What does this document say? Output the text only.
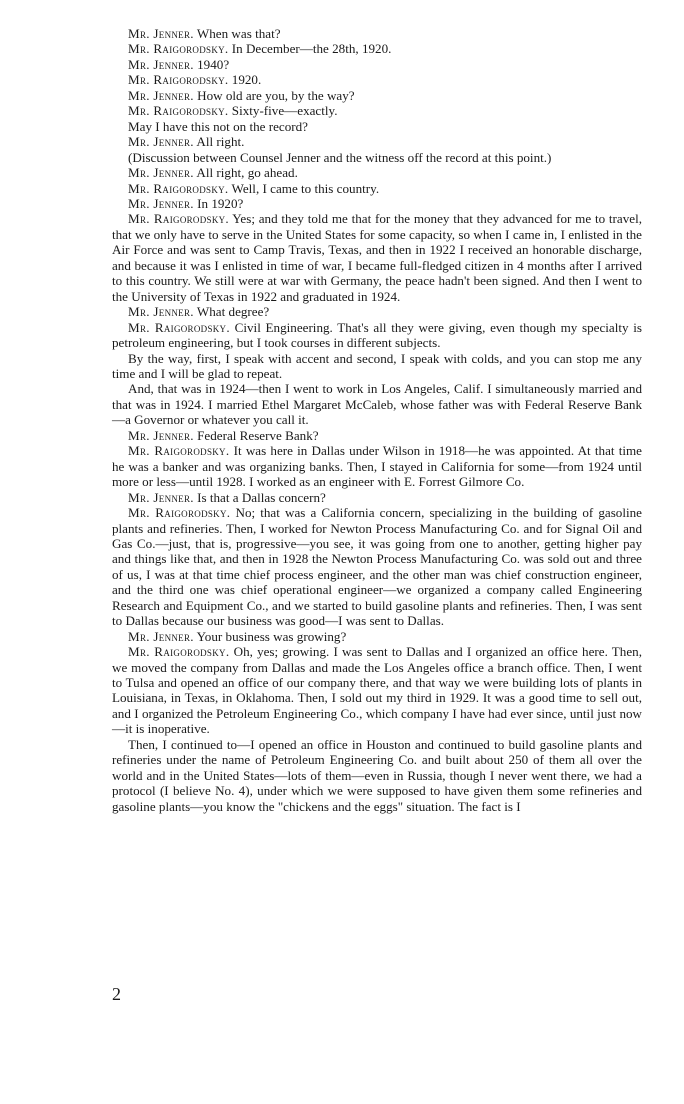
Mr. Jenner. When was that?

Mr. Raigorodsky. In December—the 28th, 1920.

Mr. Jenner. 1940?

Mr. Raigorodsky. 1920.

Mr. Jenner. How old are you, by the way?

Mr. Raigorodsky. Sixty-five—exactly.

May I have this not on the record?

Mr. Jenner. All right.

(Discussion between Counsel Jenner and the witness off the record at this point.)

Mr. Jenner. All right, go ahead.

Mr. Raigorodsky. Well, I came to this country.

Mr. Jenner. In 1920?

Mr. Raigorodsky. Yes; and they told me that for the money that they advanced for me to travel, that we only have to serve in the United States for some capacity, so when I came in, I enlisted in the Air Force and was sent to Camp Travis, Texas, and then in 1922 I received an honorable discharge, and because it was I enlisted in time of war, I became full-fledged citizen in 4 months after I arrived to this country. We still were at war with Germany, the peace hadn't been signed. And then I went to the University of Texas in 1922 and graduated in 1924.

Mr. Jenner. What degree?

Mr. Raigorodsky. Civil Engineering. That's all they were giving, even though my specialty is petroleum engineering, but I took courses in different subjects.

By the way, first, I speak with accent and second, I speak with colds, and you can stop me any time and I will be glad to repeat.

And, that was in 1924—then I went to work in Los Angeles, Calif. I simultaneously married and that was in 1924. I married Ethel Margaret McCaleb, whose father was with Federal Reserve Bank—a Governor or whatever you call it.

Mr. Jenner. Federal Reserve Bank?

Mr. Raigorodsky. It was here in Dallas under Wilson in 1918—he was appointed. At that time he was a banker and was organizing banks. Then, I stayed in California for some—from 1924 until more or less—until 1928. I worked as an engineer with E. Forrest Gilmore Co.

Mr. Jenner. Is that a Dallas concern?

Mr. Raigorodsky. No; that was a California concern, specializing in the building of gasoline plants and refineries. Then, I worked for Newton Process Manufacturing Co. and for Signal Oil and Gas Co.—just, that is, progressive—you see, it was going from one to another, getting higher pay and things like that, and then in 1928 the Newton Process Manufacturing Co. was sold out and three of us, I was at that time chief process engineer, and the other man was chief construction engineer, and the third one was chief operational engineer—we organized a company called Engineering Research and Equipment Co., and we started to build gasoline plants and refineries. Then, I was sent to Dallas because our business was good—I was sent to Dallas.

Mr. Jenner. Your business was growing?

Mr. Raigorodsky. Oh, yes; growing. I was sent to Dallas and I organized an office here. Then, we moved the company from Dallas and made the Los Angeles office a branch office. Then, I went to Tulsa and opened an office of our company there, and that way we were building lots of plants in Louisiana, in Texas, in Oklahoma. Then, I sold out my third in 1929. It was a good time to sell out, and I organized the Petroleum Engineering Co., which company I have had ever since, until just now—it is inoperative.

Then, I continued to—I opened an office in Houston and continued to build gasoline plants and refineries under the name of Petroleum Engineering Co. and built about 250 of them all over the world and in the United States—lots of them—even in Russia, though I never went there, we had a protocol (I believe No. 4), under which we were supposed to have given them some refineries and gasoline plants—you know the "chickens and the eggs" situation. The fact is I

2
